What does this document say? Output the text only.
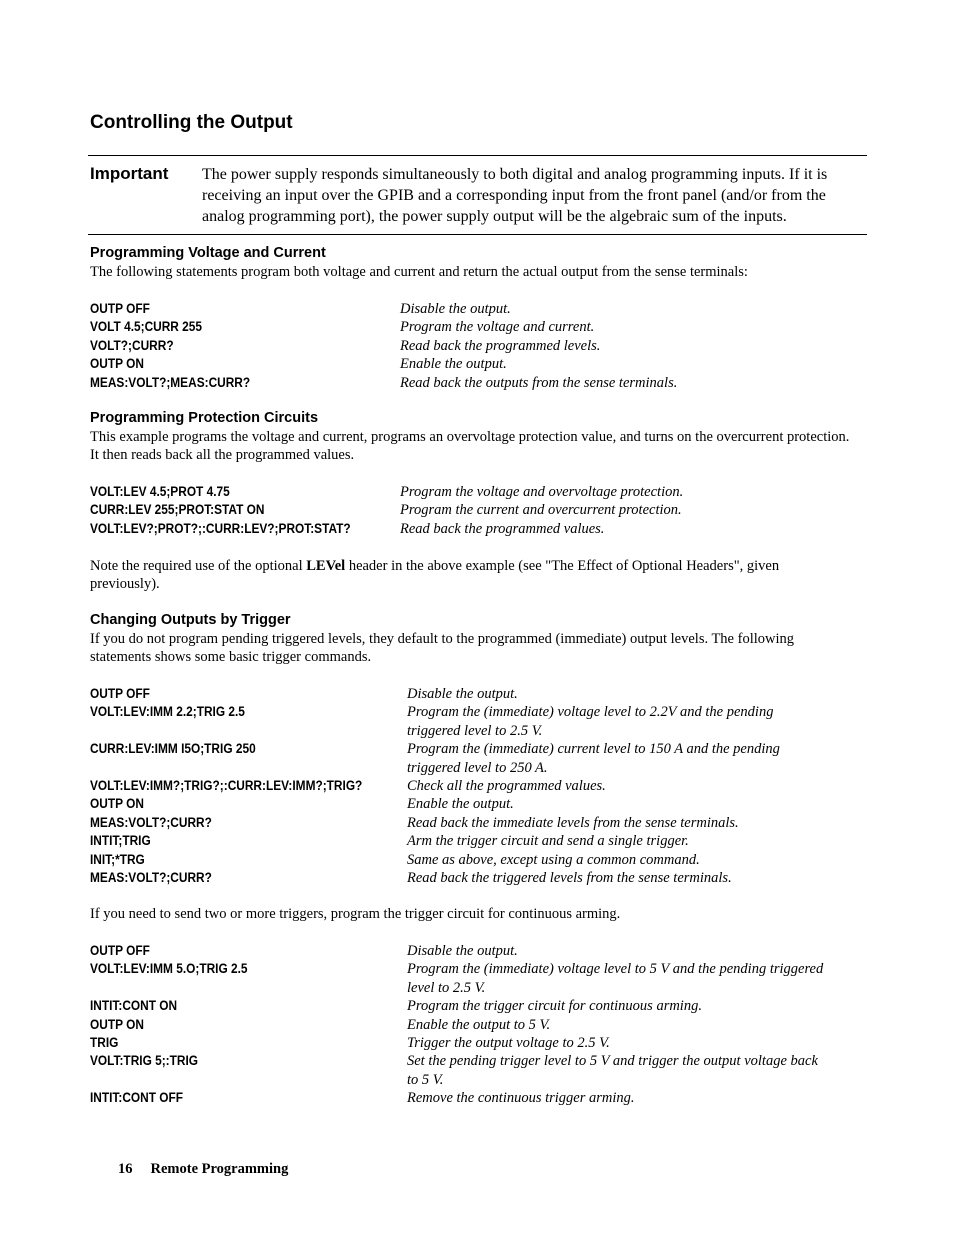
Controlling the Output
Important The power supply responds simultaneously to both digital and analog programming inputs. If it is receiving an input over the GPIB and a corresponding input from the front panel (and/or from the analog programming port), the power supply output will be the algebraic sum of the inputs.
Programming Voltage and Current
The following statements program both voltage and current and return the actual output from the sense terminals:
OUTP OFF	Disable the output.
VOLT 4.5;CURR 255	Program the voltage and current.
VOLT?;CURR?	Read back the programmed levels.
OUTP ON	Enable the output.
MEAS:VOLT?;MEAS:CURR?	Read back the outputs from the sense terminals.
Programming Protection Circuits
This example programs the voltage and current, programs an overvoltage protection value, and turns on the overcurrent protection. It then reads back all the programmed values.
VOLT:LEV 4.5;PROT 4.75	Program the voltage and overvoltage protection.
CURR:LEV 255;PROT:STAT ON	Program the current and overcurrent protection.
VOLT:LEV?;PROT?;:CURR:LEV?;PROT:STAT?	Read back the programmed values.
Note the required use of the optional LEVel header in the above example (see "The Effect of Optional Headers", given previously).
Changing Outputs by Trigger
If you do not program pending triggered levels, they default to the programmed (immediate) output levels. The following statements shows some basic trigger commands.
OUTP OFF	Disable the output.
VOLT:LEV:IMM 2.2;TRIG 2.5	Program the (immediate) voltage level to 2.2V and the pending triggered level to 2.5 V.
CURR:LEV:IMM I5O;TRIG 250	Program the (immediate) current level to 150 A and the pending triggered level to 250 A.
VOLT:LEV:IMM?;TRIG?;:CURR:LEV:IMM?;TRIG?	Check all the programmed values.
OUTP ON	Enable the output.
MEAS:VOLT?;CURR?	Read back the immediate levels from the sense terminals.
INTIT;TRIG	Arm the trigger circuit and send a single trigger.
INIT;*TRG	Same as above, except using a common command.
MEAS:VOLT?;CURR?	Read back the triggered levels from the sense terminals.
If you need to send two or more triggers, program the trigger circuit for continuous arming.
OUTP OFF	Disable the output.
VOLT:LEV:IMM 5.O;TRIG 2.5	Program the (immediate) voltage level to 5 V and the pending triggered level to 2.5 V.
INTIT:CONT ON	Program the trigger circuit for continuous arming.
OUTP ON	Enable the output to 5 V.
TRIG	Trigger the output voltage to 2.5 V.
VOLT:TRIG 5;:TRIG	Set the pending trigger level to 5 V and trigger the output voltage back to 5 V.
INTIT:CONT OFF	Remove the continuous trigger arming.
16 Remote Programming
